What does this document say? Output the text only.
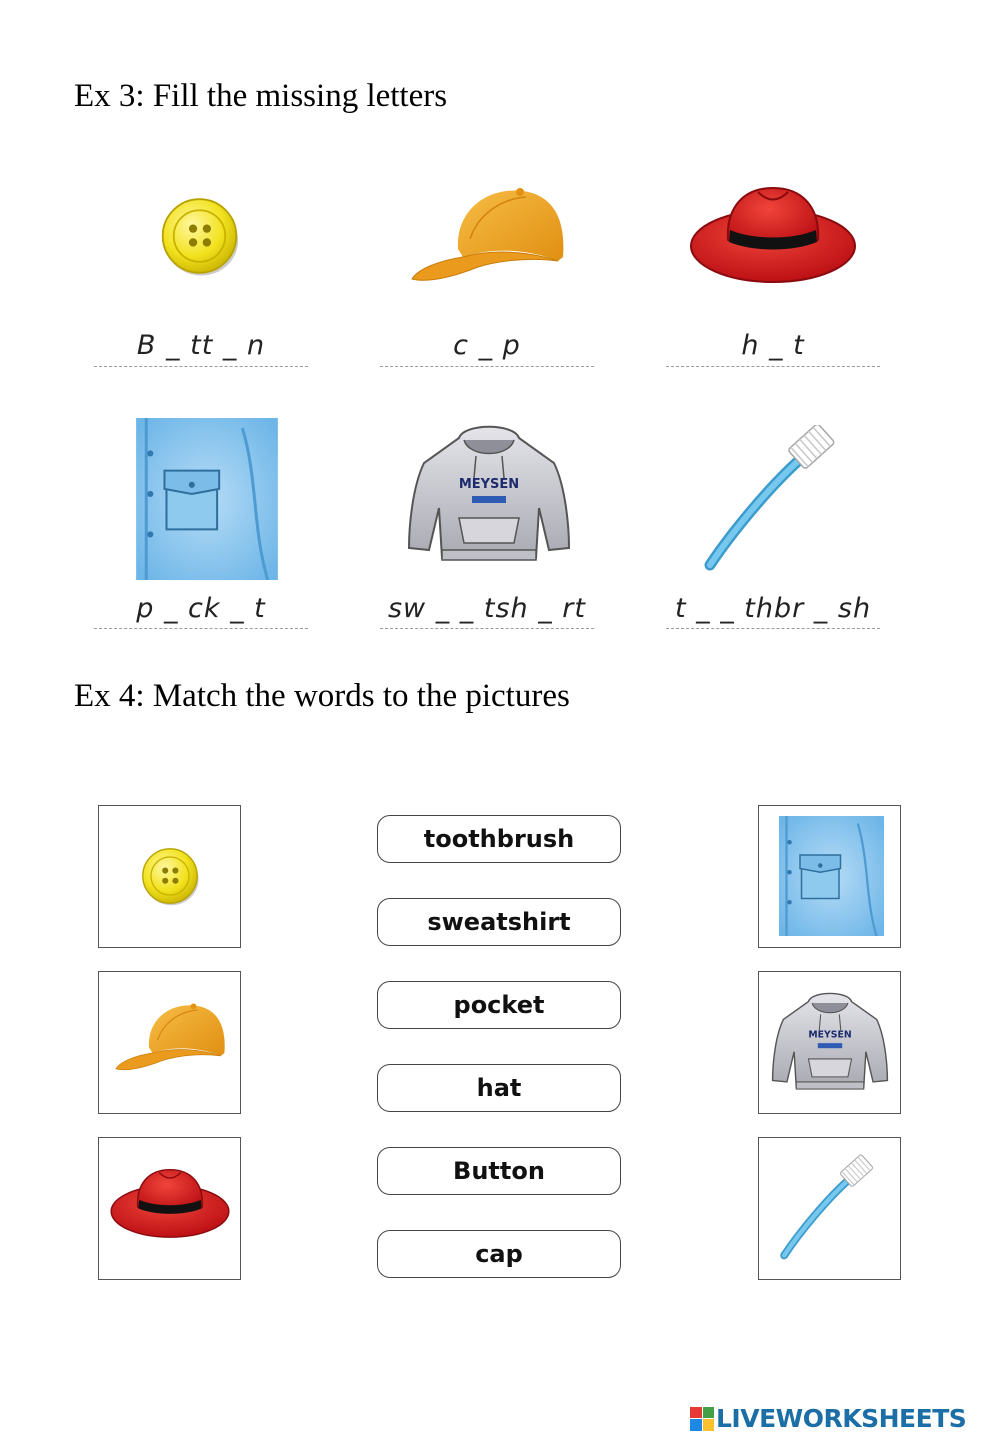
Ex 3: Fill the missing letters
B _ tt _ n	c _ p	h _ t
p _ ck _ t	sw _ _ tsh _ rt	t _ _ thbr _ sh
Ex 4: Match the words to the pictures
toothbrush
sweatshirt
pocket
hat
Button
cap
LIVEWORKSHEETS
